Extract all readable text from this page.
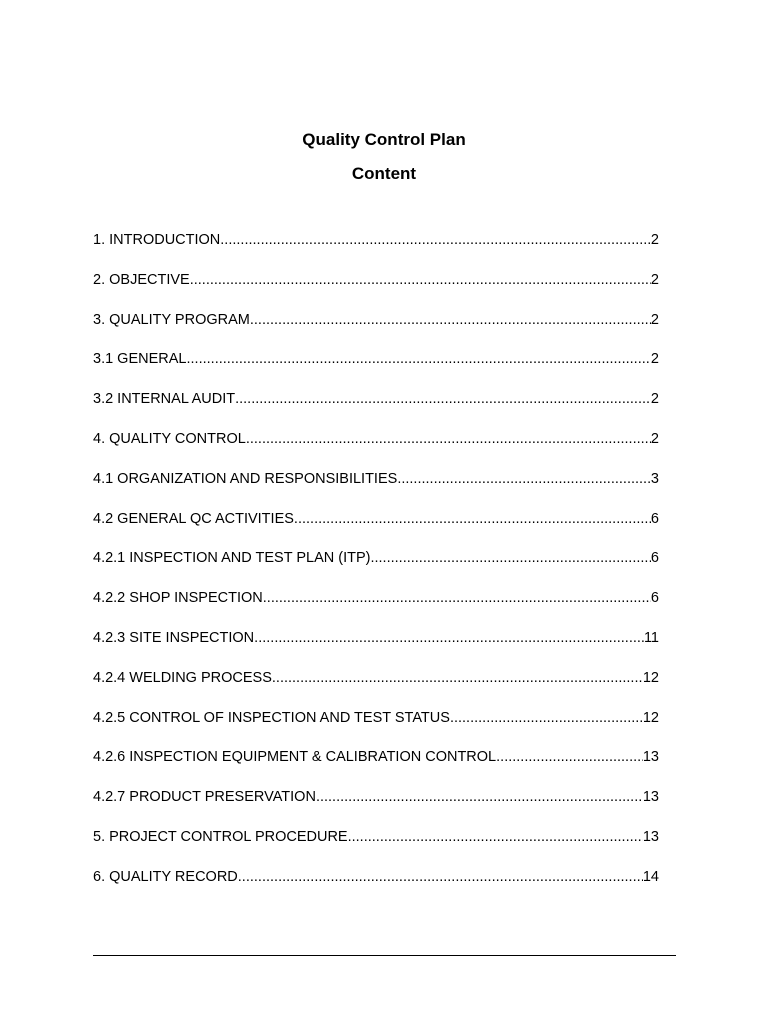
Quality Control Plan
Content
1. INTRODUCTION .....	2
2. OBJECTIVE .....	2
3. QUALITY PROGRAM .....	2
3.1 GENERAL .....	2
3.2 INTERNAL AUDIT .....	2
4. QUALITY CONTROL .....	2
4.1 ORGANIZATION AND RESPONSIBILITIES .....	3
4.2 GENERAL QC ACTIVITIES .....	6
4.2.1 INSPECTION AND TEST PLAN (ITP) .....	6
4.2.2 SHOP INSPECTION .....	6
4.2.3 SITE INSPECTION .....	11
4.2.4 WELDING PROCESS .....	12
4.2.5 CONTROL OF INSPECTION AND TEST STATUS .....	12
4.2.6 INSPECTION EQUIPMENT & CALIBRATION CONTROL .....	13
4.2.7 PRODUCT PRESERVATION .....	13
5. PROJECT CONTROL PROCEDURE .....	13
6. QUALITY RECORD .....	14
